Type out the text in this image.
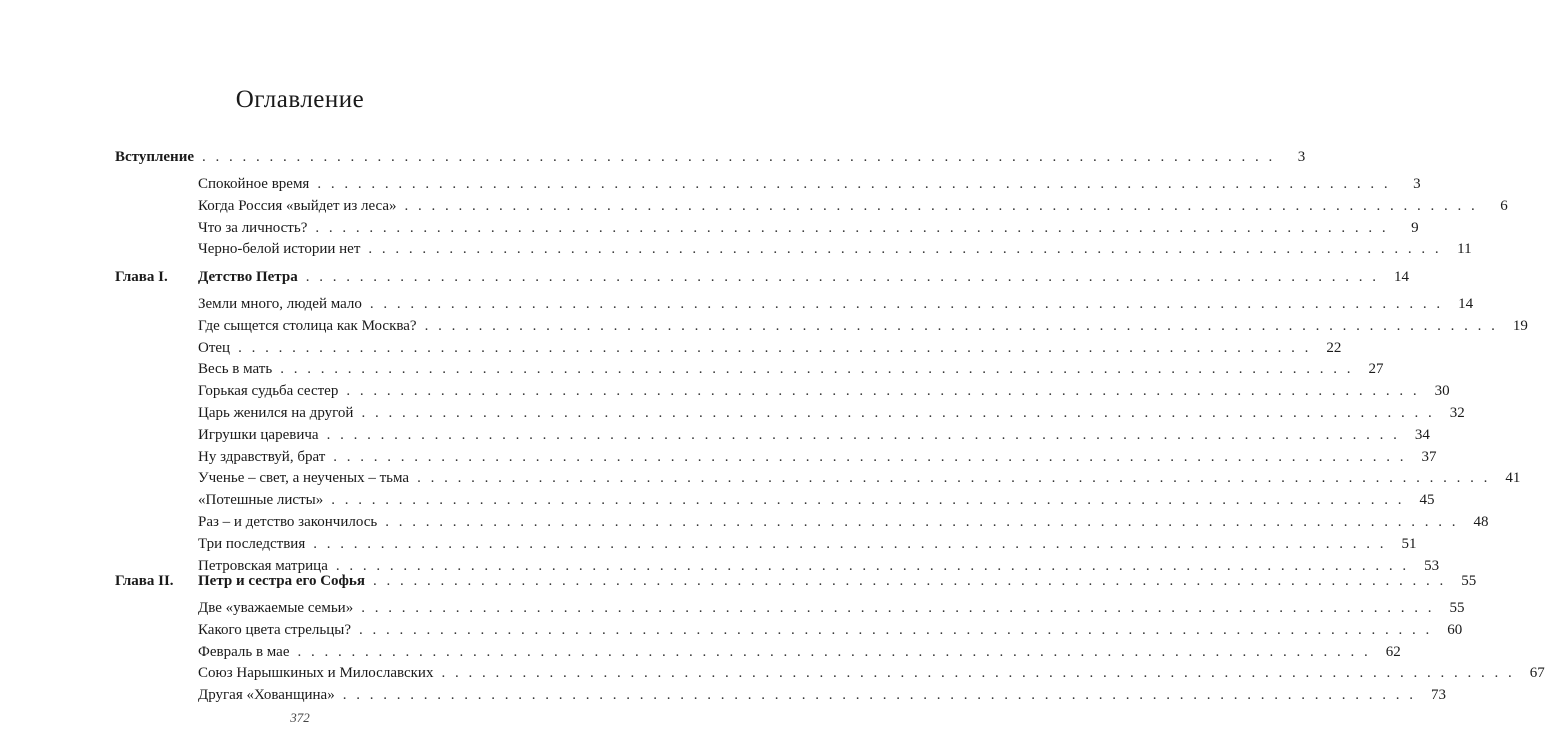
Оглавление
Вступление . . . . . . . . . . . . . . . . . . . . . . . . . . . . . . . . . . . . . . . . . . . . . . . . . . . . . . . . . . . . . . . . . . . . . . . . . . . . . . . .	3
Спокойное время . . . . . . . . . . . . . . . . . . . . . . . . . . . . . . . . . . . . . . . . . . . . . . . . . . . . . . . . . . . . . . . . . . . . . . . . . . . . . . . .	3
Когда Россия «выйдет из леса» . . . . . . . . . . . . . . . . . . . . . . . . . . . . . . . . . . . . . . . . . . . . . . . . . . . . . . . . . . . . . . . . . . . . . . . . . . . . . . . .	6
Что за личность? . . . . . . . . . . . . . . . . . . . . . . . . . . . . . . . . . . . . . . . . . . . . . . . . . . . . . . . . . . . . . . . . . . . . . . . . . . . . . . . .	9
Черно-белой истории нет . . . . . . . . . . . . . . . . . . . . . . . . . . . . . . . . . . . . . . . . . . . . . . . . . . . . . . . . . . . . . . . . . . . . . . . . . . . . . . . .	11
Глава I. Детство Петра . . . . . . . . . . . . . . . . . . . . . . . . . . . . . . . . . . . . . . . . . . . . . . . . . . . . . . . . . . . . . . . . . . . . . . . . . . . . . . . .	14
Земли много, людей мало . . . . . . . . . . . . . . . . . . . . . . . . . . . . . . . . . . . . . . . . . . . . . . . . . . . . . . . . . . . . . . . . . . . . . . . . . . . . . . . .	14
Где сыщется столица как Москва? . . . . . . . . . . . . . . . . . . . . . . . . . . . . . . . . . . . . . . . . . . . . . . . . . . . . . . . . . . . . . . . . . . . . . . . . . . . . . . . .	19
Отец . . . . . . . . . . . . . . . . . . . . . . . . . . . . . . . . . . . . . . . . . . . . . . . . . . . . . . . . . . . . . . . . . . . . . . . . . . . . . . . .	22
Весь в мать . . . . . . . . . . . . . . . . . . . . . . . . . . . . . . . . . . . . . . . . . . . . . . . . . . . . . . . . . . . . . . . . . . . . . . . . . . . . . . . .	27
Горькая судьба сестер . . . . . . . . . . . . . . . . . . . . . . . . . . . . . . . . . . . . . . . . . . . . . . . . . . . . . . . . . . . . . . . . . . . . . . . . . . . . . . . .	30
Царь женился на другой . . . . . . . . . . . . . . . . . . . . . . . . . . . . . . . . . . . . . . . . . . . . . . . . . . . . . . . . . . . . . . . . . . . . . . . . . . . . . . . .	32
Игрушки царевича . . . . . . . . . . . . . . . . . . . . . . . . . . . . . . . . . . . . . . . . . . . . . . . . . . . . . . . . . . . . . . . . . . . . . . . . . . . . . . . .	34
Ну здравствуй, брат . . . . . . . . . . . . . . . . . . . . . . . . . . . . . . . . . . . . . . . . . . . . . . . . . . . . . . . . . . . . . . . . . . . . . . . . . . . . . . . .	37
Ученье – свет, а неученых – тьма . . . . . . . . . . . . . . . . . . . . . . . . . . . . . . . . . . . . . . . . . . . . . . . . . . . . . . . . . . . . . . . . . . . . . . . . . . . . . . . .	41
«Потешные листы» . . . . . . . . . . . . . . . . . . . . . . . . . . . . . . . . . . . . . . . . . . . . . . . . . . . . . . . . . . . . . . . . . . . . . . . . . . . . . . . .	45
Раз – и детство закончилось . . . . . . . . . . . . . . . . . . . . . . . . . . . . . . . . . . . . . . . . . . . . . . . . . . . . . . . . . . . . . . . . . . . . . . . . . . . . . . . .	48
Три последствия . . . . . . . . . . . . . . . . . . . . . . . . . . . . . . . . . . . . . . . . . . . . . . . . . . . . . . . . . . . . . . . . . . . . . . . . . . . . . . . .	51
Петровская матрица . . . . . . . . . . . . . . . . . . . . . . . . . . . . . . . . . . . . . . . . . . . . . . . . . . . . . . . . . . . . . . . . . . . . . . . . . . . . . . . .	53
Глава II. Петр и сестра его Софья . . . . . . . . . . . . . . . . . . . . . . . . . . . . . . . . . . . . . . . . . . . . . . . . . . . . . . . . . . . . . . . . . . . . . . . . . . . . . . . .	55
Две «уважаемые семьи» . . . . . . . . . . . . . . . . . . . . . . . . . . . . . . . . . . . . . . . . . . . . . . . . . . . . . . . . . . . . . . . . . . . . . . . . . . . . . . . .	55
Какого цвета стрельцы? . . . . . . . . . . . . . . . . . . . . . . . . . . . . . . . . . . . . . . . . . . . . . . . . . . . . . . . . . . . . . . . . . . . . . . . . . . . . . . . .	60
Февраль в мае . . . . . . . . . . . . . . . . . . . . . . . . . . . . . . . . . . . . . . . . . . . . . . . . . . . . . . . . . . . . . . . . . . . . . . . . . . . . . . . .	62
Союз Нарышкиных и Милославских . . . . . . . . . . . . . . . . . . . . . . . . . . . . . . . . . . . . . . . . . . . . . . . . . . . . . . . . . . . . . . . . . . . . . . . . . . . . . . . .	67
Другая «Хованщина» . . . . . . . . . . . . . . . . . . . . . . . . . . . . . . . . . . . . . . . . . . . . . . . . . . . . . . . . . . . . . . . . . . . . . . . . . . . . . . . .	73
372
